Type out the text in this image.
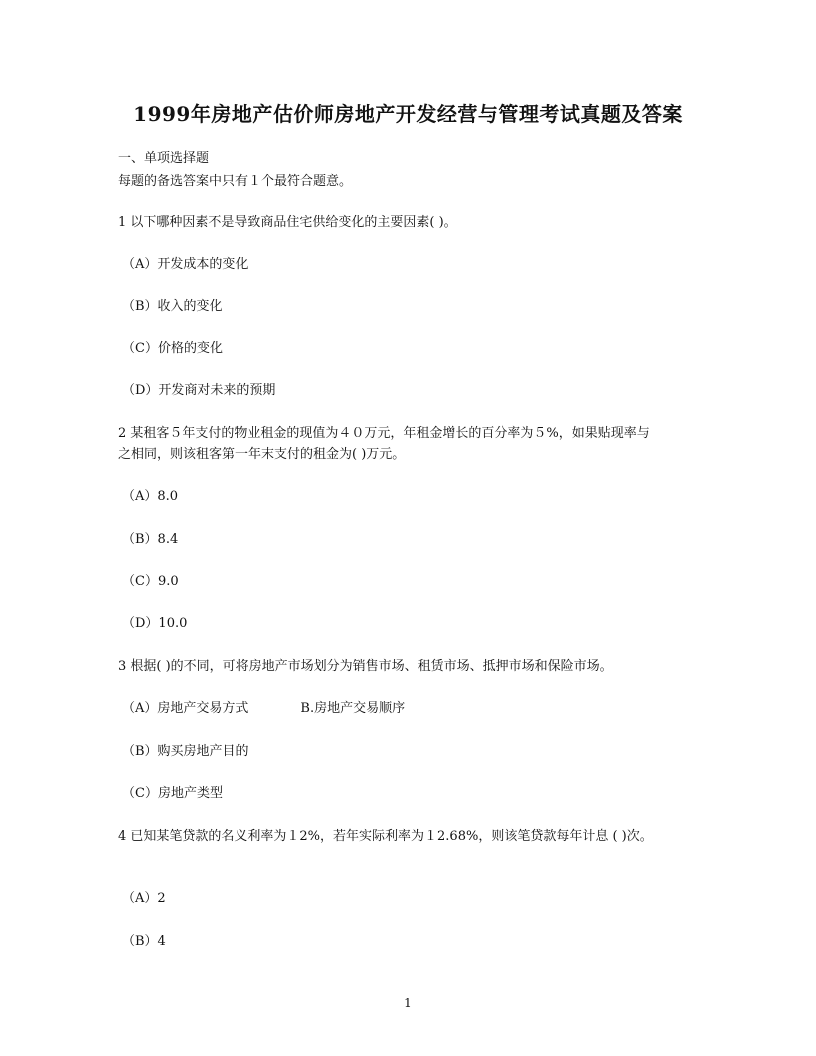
1999年房地产估价师房地产开发经营与管理考试真题及答案
一、单项选择题
每题的备选答案中只有１个最符合题意。
1 以下哪种因素不是导致商品住宅供给变化的主要因素( )。
（A）开发成本的变化
（B）收入的变化
（C）价格的变化
（D）开发商对未来的预期
2 某租客５年支付的物业租金的现值为４０万元，年租金增长的百分率为５%，如果贴现率与
之相同，则该租客第一年末支付的租金为( )万元。
（A）8.0
（B）8.4
（C）9.0
（D）10.0
3 根据( )的不同，可将房地产市场划分为销售市场、租赁市场、抵押市场和保险市场。
（A）房地产交易方式	B.房地产交易顺序
（B）购买房地产目的
（C）房地产类型
4 已知某笔贷款的名义利率为１2%，若年实际利率为１2.68%，则该笔贷款每年计息 ( )次。
（A）2
（B）4
1
